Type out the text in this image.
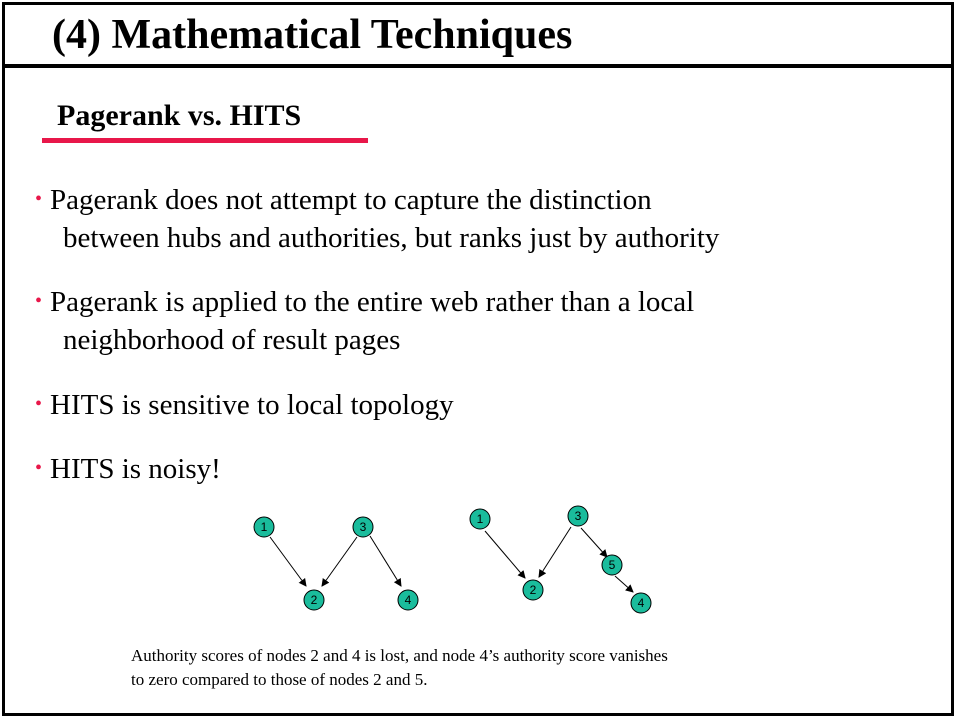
(4) Mathematical Techniques
Pagerank vs. HITS
• Pagerank does not attempt to capture the distinction
between hubs and authorities, but ranks just by authority
• Pagerank is applied to the entire web rather than a local
neighborhood of result pages
• HITS is sensitive to local topology
• HITS is noisy!
1	3
2	4
1	3
2
5
4
Authority scores of nodes 2 and 4 is lost, and node 4’s authority score vanishes
to zero compared to those of nodes 2 and 5.
